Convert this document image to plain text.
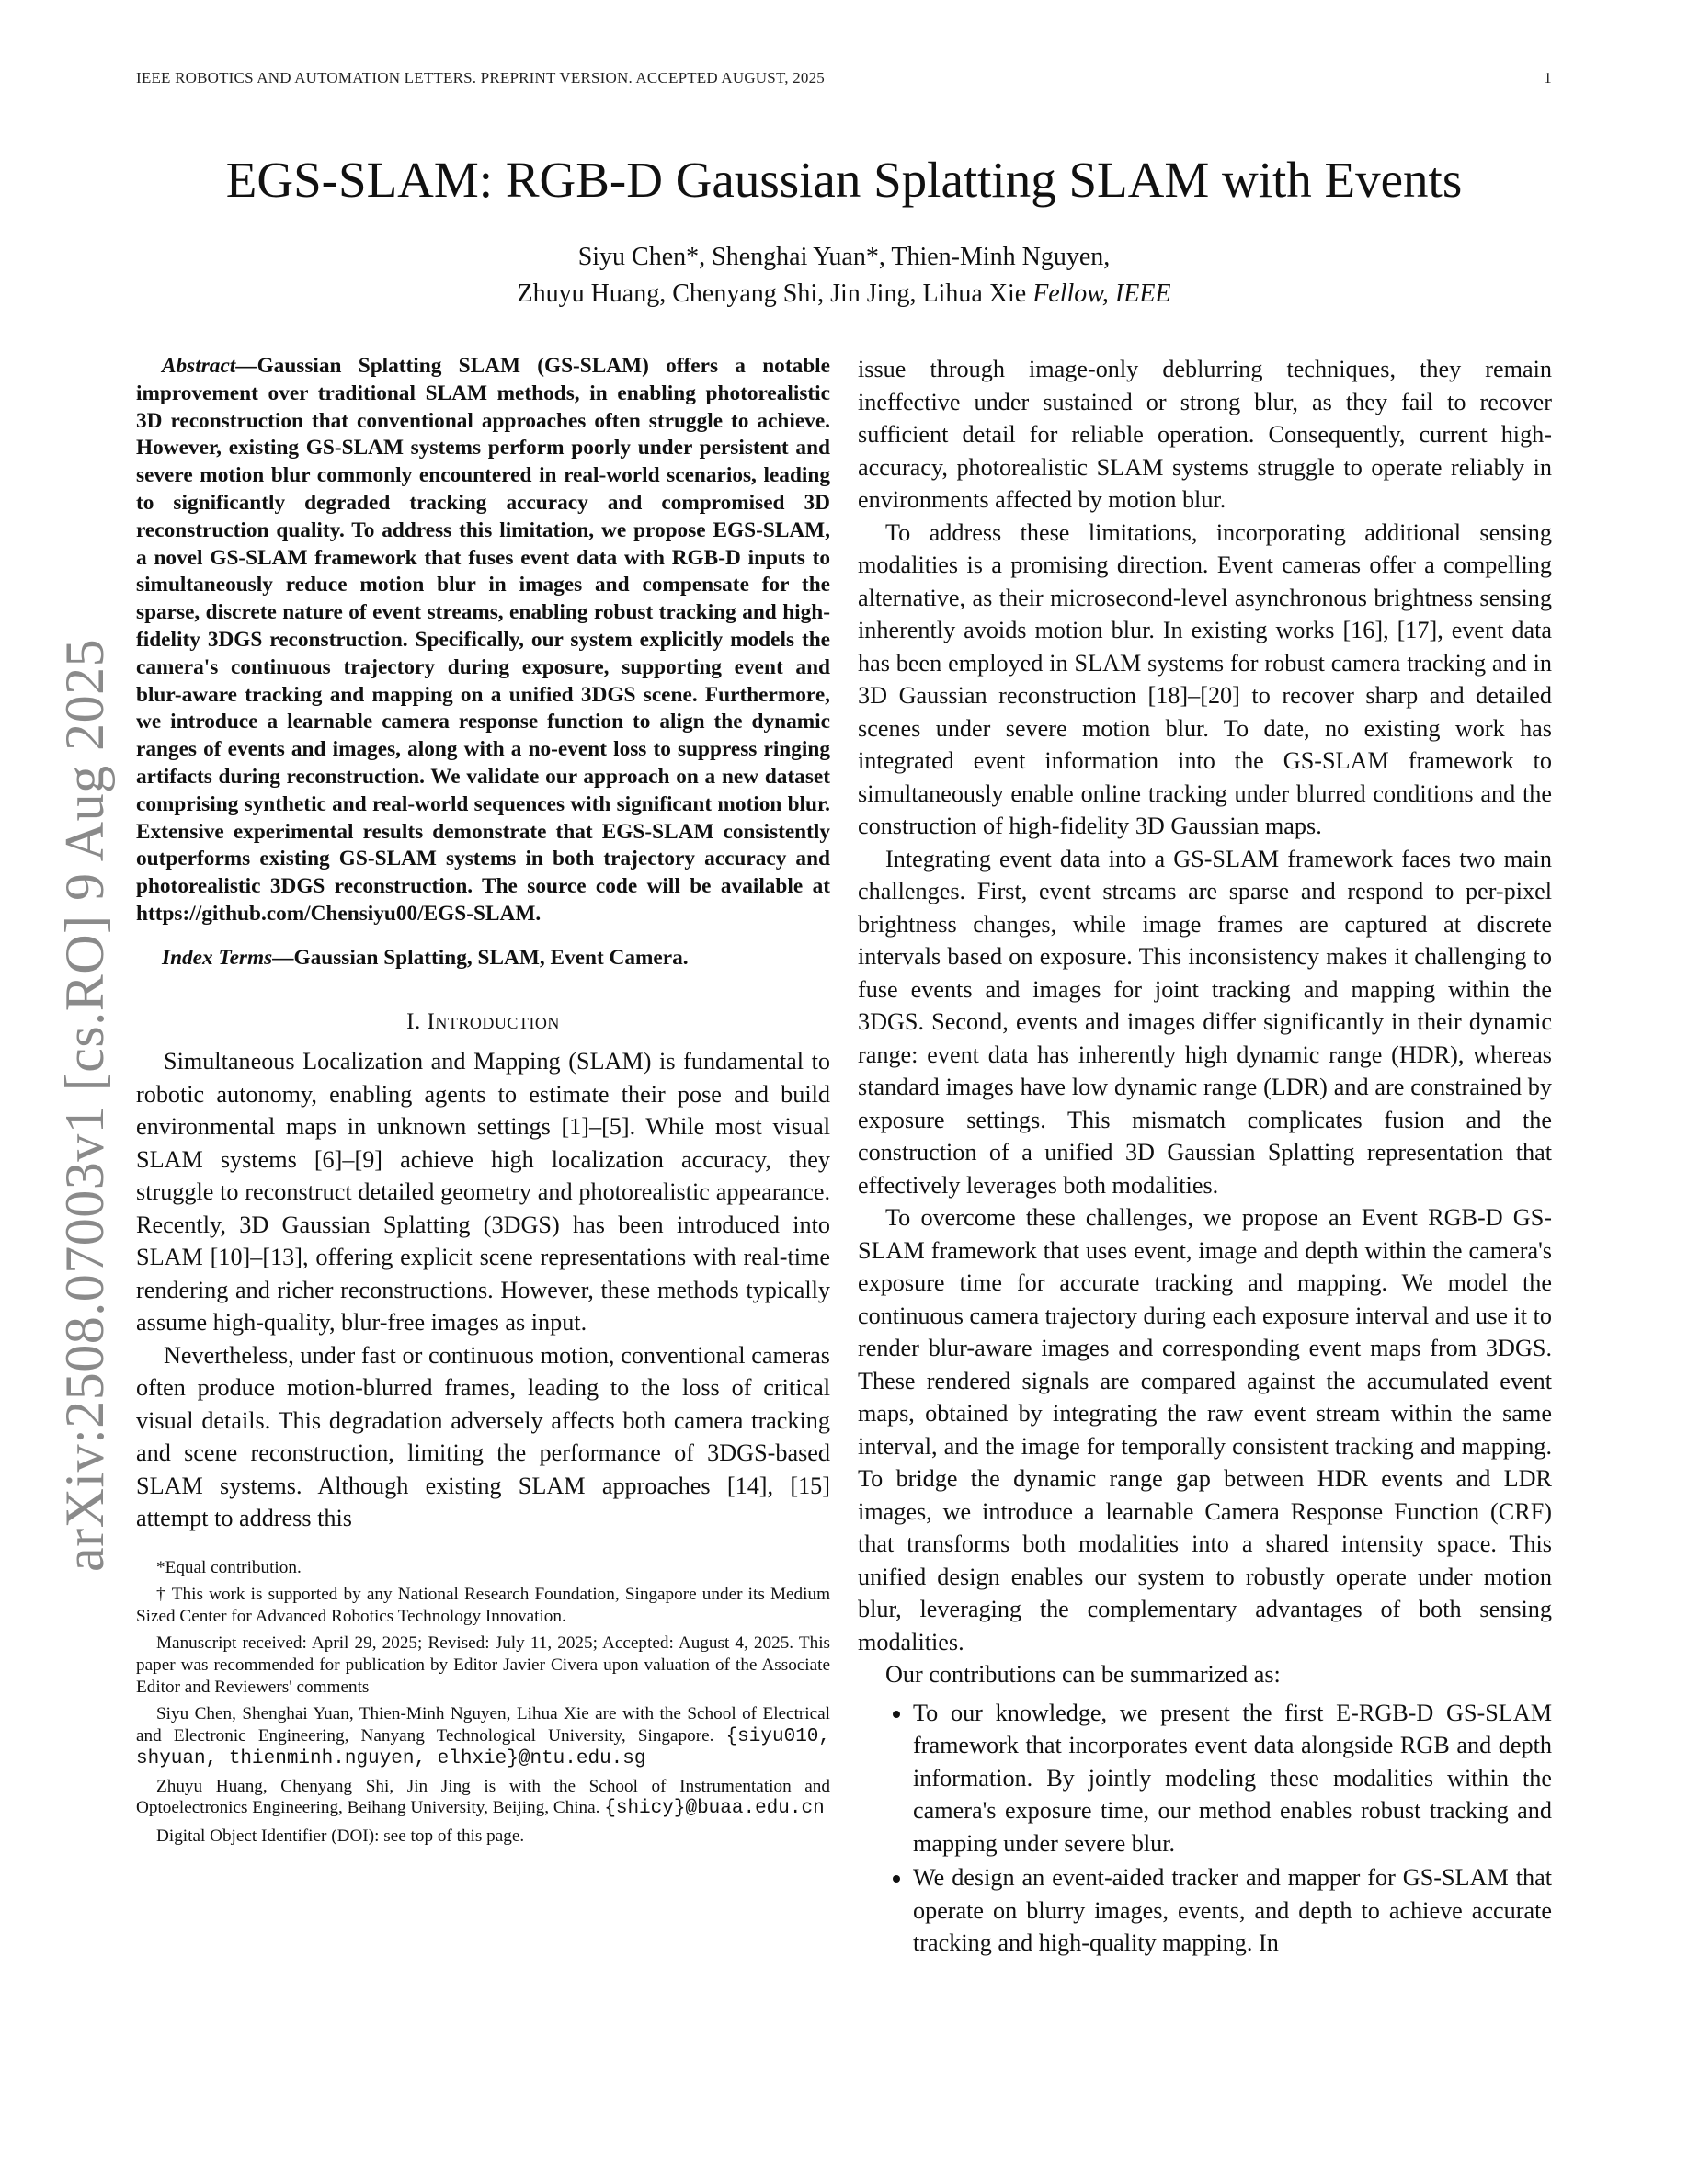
IEEE ROBOTICS AND AUTOMATION LETTERS. PREPRINT VERSION. ACCEPTED AUGUST, 2025	1
EGS-SLAM: RGB-D Gaussian Splatting SLAM with Events
Siyu Chen*, Shenghai Yuan*, Thien-Minh Nguyen,
Zhuyu Huang, Chenyang Shi, Jin Jing, Lihua Xie Fellow, IEEE
arXiv:2508.07003v1 [cs.RO] 9 Aug 2025

Abstract—Gaussian Splatting SLAM (GS-SLAM) offers a notable improvement over traditional SLAM methods, in enabling photorealistic 3D reconstruction that conventional approaches often struggle to achieve. However, existing GS-SLAM systems perform poorly under persistent and severe motion blur commonly encountered in real-world scenarios, leading to significantly degraded tracking accuracy and compromised 3D reconstruction quality. To address this limitation, we propose EGS-SLAM, a novel GS-SLAM framework that fuses event data with RGB-D inputs to simultaneously reduce motion blur in images and compensate for the sparse, discrete nature of event streams, enabling robust tracking and high-fidelity 3DGS reconstruction. Specifically, our system explicitly models the camera's continuous trajectory during exposure, supporting event and blur-aware tracking and mapping on a unified 3DGS scene. Furthermore, we introduce a learnable camera response function to align the dynamic ranges of events and images, along with a no-event loss to suppress ringing artifacts during reconstruction. We validate our approach on a new dataset comprising synthetic and real-world sequences with significant motion blur. Extensive experimental results demonstrate that EGS-SLAM consistently outperforms existing GS-SLAM systems in both trajectory accuracy and photorealistic 3DGS reconstruction. The source code will be available at https://github.com/Chensiyu00/EGS-SLAM.

Index Terms—Gaussian Splatting, SLAM, Event Camera.

I. Introduction

Simultaneous Localization and Mapping (SLAM) is fundamental to robotic autonomy, enabling agents to estimate their pose and build environmental maps in unknown settings [1]–[5]. While most visual SLAM systems [6]–[9] achieve high localization accuracy, they struggle to reconstruct detailed geometry and photorealistic appearance. Recently, 3D Gaussian Splatting (3DGS) has been introduced into SLAM [10]–[13], offering explicit scene representations with real-time rendering and richer reconstructions. However, these methods typically assume high-quality, blur-free images as input.

Nevertheless, under fast or continuous motion, conventional cameras often produce motion-blurred frames, leading to the loss of critical visual details. This degradation adversely affects both camera tracking and scene reconstruction, limiting the performance of 3DGS-based SLAM systems. Although existing SLAM approaches [14], [15] attempt to address this

*Equal contribution.

† This work is supported by any National Research Foundation, Singapore under its Medium Sized Center for Advanced Robotics Technology Innovation.

Manuscript received: April 29, 2025; Revised: July 11, 2025; Accepted: August 4, 2025. This paper was recommended for publication by Editor Javier Civera upon valuation of the Associate Editor and Reviewers' comments

Siyu Chen, Shenghai Yuan, Thien-Minh Nguyen, Lihua Xie are with the School of Electrical and Electronic Engineering, Nanyang Technological University, Singapore. {siyu010, shyuan, thienminh.nguyen, elhxie}@ntu.edu.sg

Zhuyu Huang, Chenyang Shi, Jin Jing is with the School of Instrumentation and Optoelectronics Engineering, Beihang University, Beijing, China. {shicy}@buaa.edu.cn

Digital Object Identifier (DOI): see top of this page.

issue through image-only deblurring techniques, they remain ineffective under sustained or strong blur, as they fail to recover sufficient detail for reliable operation. Consequently, current high-accuracy, photorealistic SLAM systems struggle to operate reliably in environments affected by motion blur.

To address these limitations, incorporating additional sensing modalities is a promising direction. Event cameras offer a compelling alternative, as their microsecond-level asynchronous brightness sensing inherently avoids motion blur. In existing works [16], [17], event data has been employed in SLAM systems for robust camera tracking and in 3D Gaussian reconstruction [18]–[20] to recover sharp and detailed scenes under severe motion blur. To date, no existing work has integrated event information into the GS-SLAM framework to simultaneously enable online tracking under blurred conditions and the construction of high-fidelity 3D Gaussian maps.

Integrating event data into a GS-SLAM framework faces two main challenges. First, event streams are sparse and respond to per-pixel brightness changes, while image frames are captured at discrete intervals based on exposure. This inconsistency makes it challenging to fuse events and images for joint tracking and mapping within the 3DGS. Second, events and images differ significantly in their dynamic range: event data has inherently high dynamic range (HDR), whereas standard images have low dynamic range (LDR) and are constrained by exposure settings. This mismatch complicates fusion and the construction of a unified 3D Gaussian Splatting representation that effectively leverages both modalities.

To overcome these challenges, we propose an Event RGB-D GS-SLAM framework that uses event, image and depth within the camera's exposure time for accurate tracking and mapping. We model the continuous camera trajectory during each exposure interval and use it to render blur-aware images and corresponding event maps from 3DGS. These rendered signals are compared against the accumulated event maps, obtained by integrating the raw event stream within the same interval, and the image for temporally consistent tracking and mapping. To bridge the dynamic range gap between HDR events and LDR images, we introduce a learnable Camera Response Function (CRF) that transforms both modalities into a shared intensity space. This unified design enables our system to robustly operate under motion blur, leveraging the complementary advantages of both sensing modalities.

Our contributions can be summarized as:

• To our knowledge, we present the first E-RGB-D GS-SLAM framework that incorporates event data alongside RGB and depth information. By jointly modeling these modalities within the camera's exposure time, our method enables robust tracking and mapping under severe blur.
• We design an event-aided tracker and mapper for GS-SLAM that operate on blurry images, events, and depth to achieve accurate tracking and high-quality mapping. In
